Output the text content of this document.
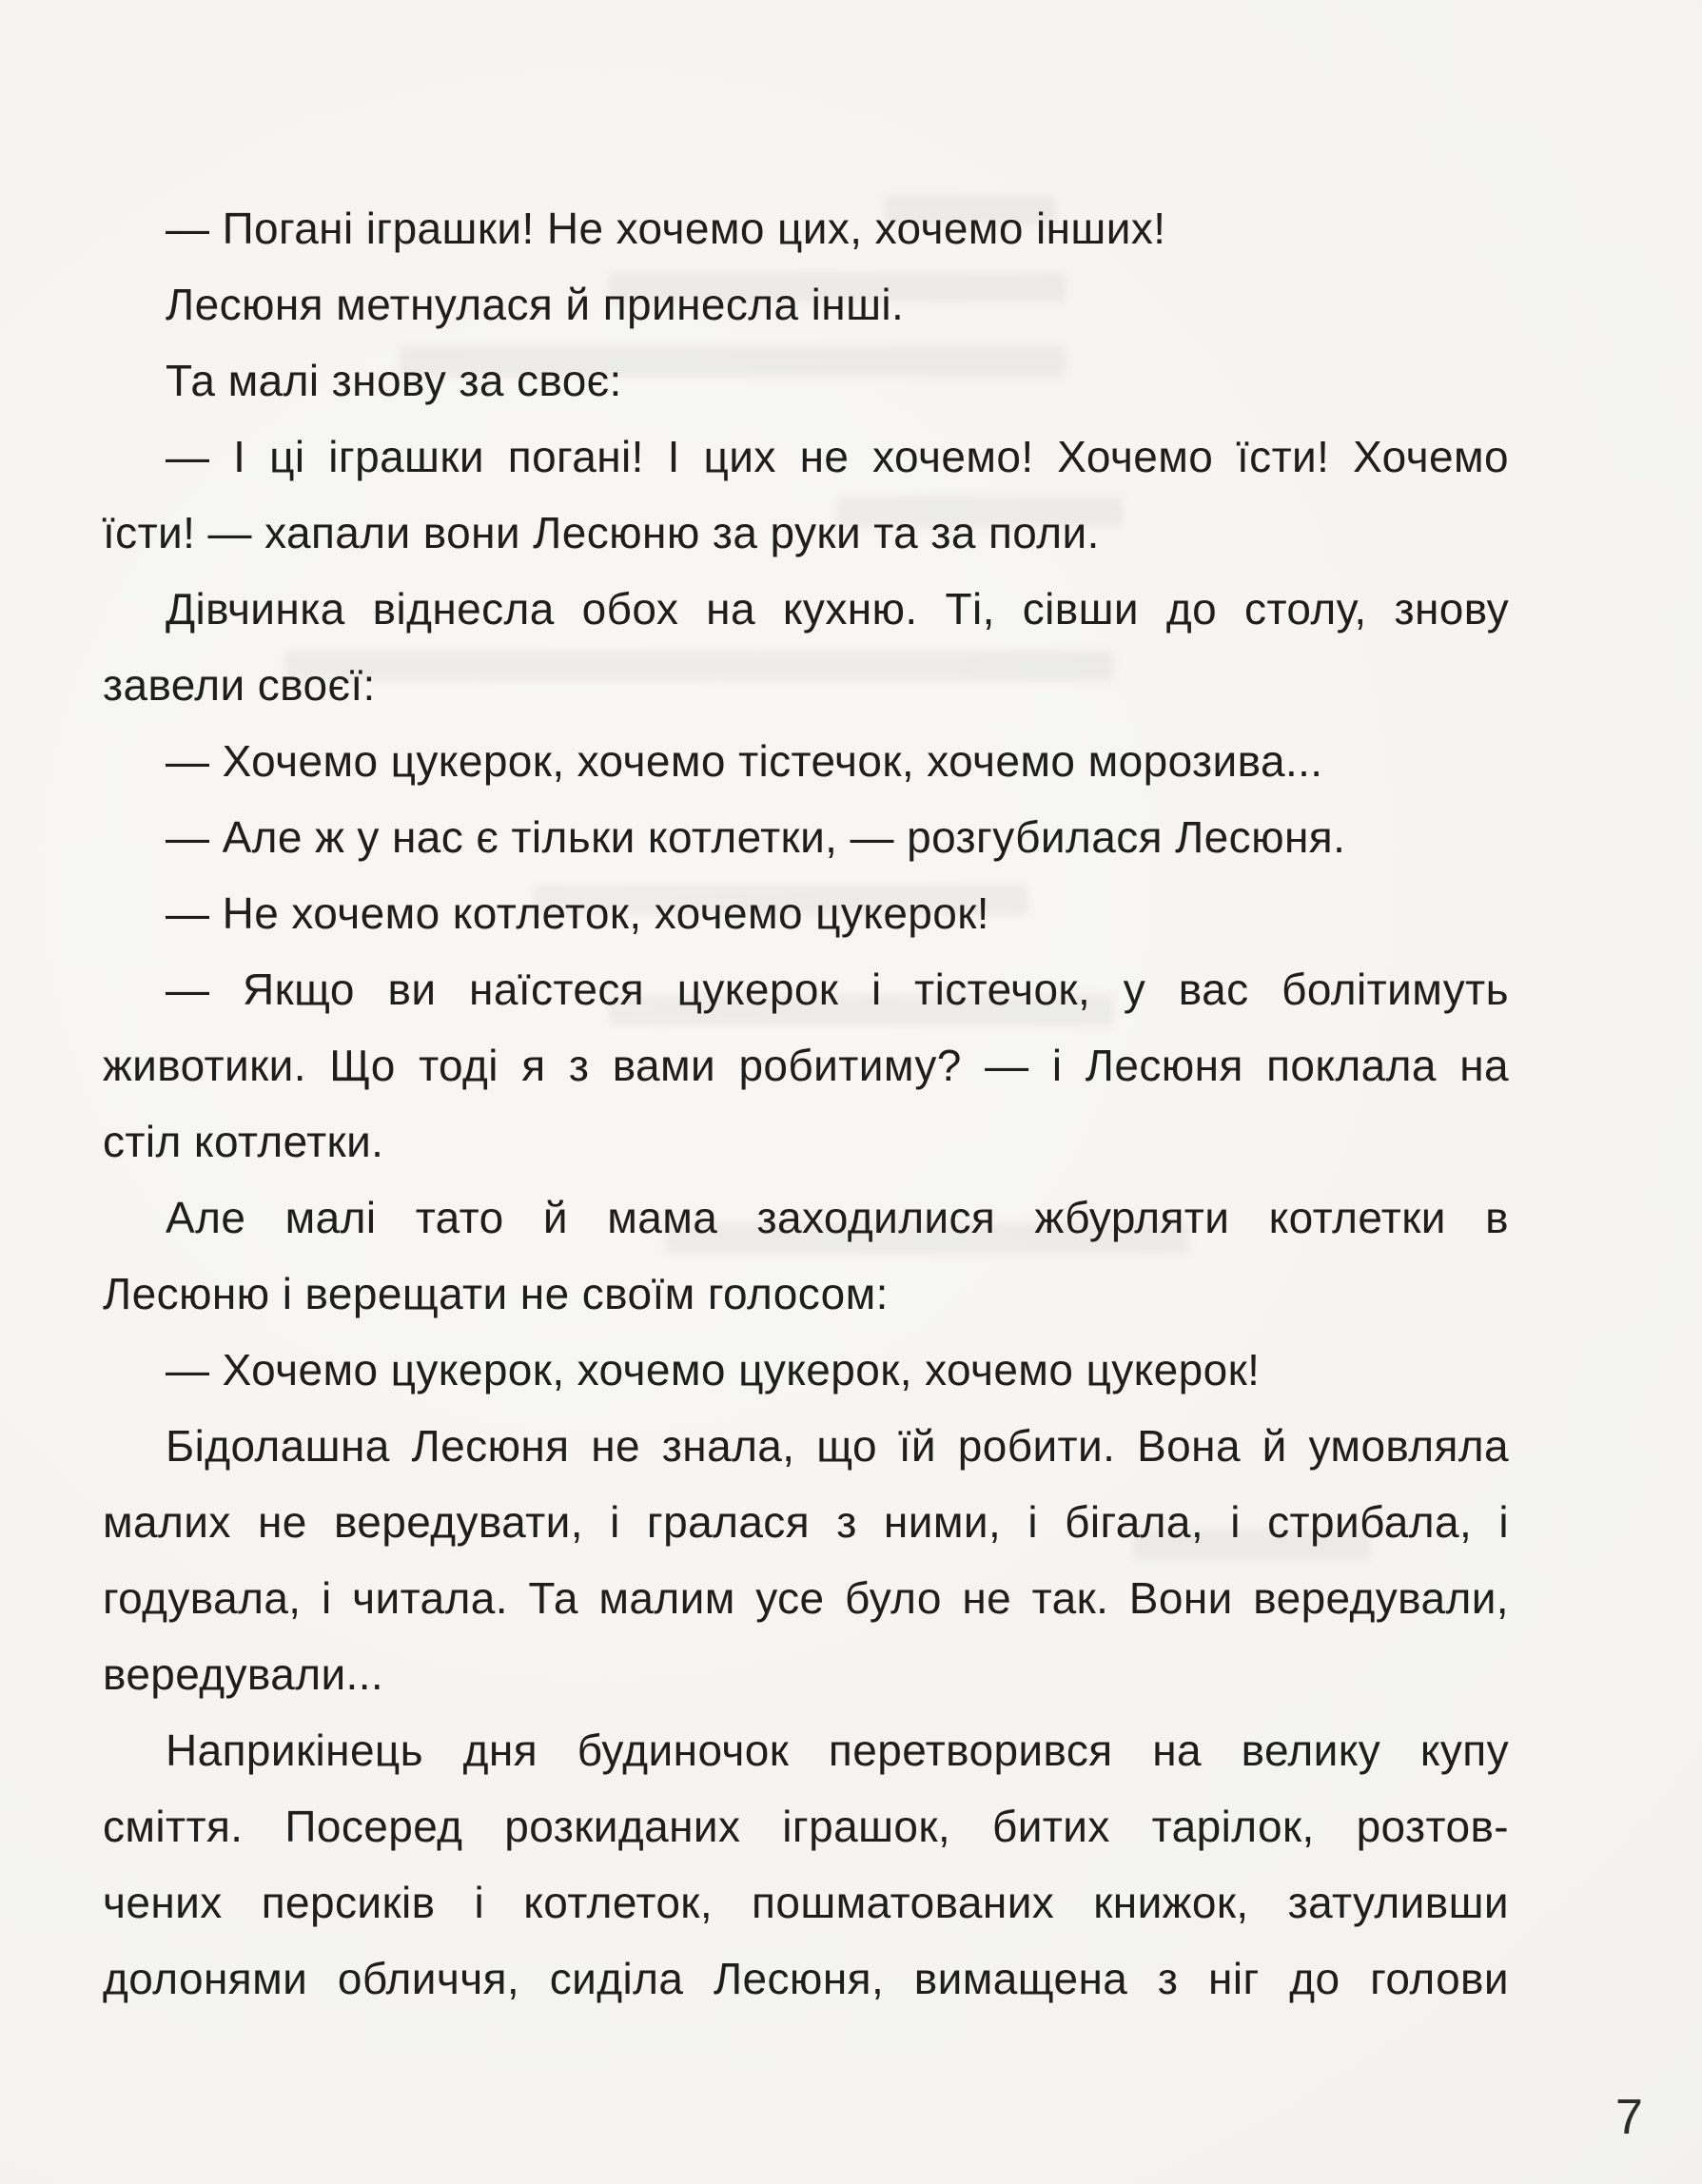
— Погані іграшки! Не хочемо цих, хочемо інших!
Лесюня метнулася й принесла інші.
Та малі знову за своє:
— І ці іграшки погані! І цих не хочемо! Хочемо їсти! Хочемо
їсти! — хапали вони Лесюню за руки та за поли.
Дівчинка віднесла обох на кухню. Ті, сівши до столу, знову
завели своєї:
— Хочемо цукерок, хочемо тістечок, хочемо морозива...
— Але ж у нас є тільки котлетки, — розгубилася Лесюня.
— Не хочемо котлеток, хочемо цукерок!
— Якщо ви наїстеся цукерок і тістечок, у вас болітимуть
животики. Що тоді я з вами робитиму? — і Лесюня поклала на
стіл котлетки.
Але малі тато й мама заходилися жбурляти котлетки в
Лесюню і верещати не своїм голосом:
— Хочемо цукерок, хочемо цукерок, хочемо цукерок!
Бідолашна Лесюня не знала, що їй робити. Вона й умовляла
малих не вередувати, і гралася з ними, і бігала, і стрибала, і
годувала, і читала. Та малим усе було не так. Вони вередували,
вередували...
Наприкінець дня будиночок перетворився на велику купу
сміття. Посеред розкиданих іграшок, битих тарілок, розтов-
чених персиків і котлеток, пошматованих книжок, затуливши
долонями обличчя, сиділа Лесюня, вимащена з ніг до голови
7
